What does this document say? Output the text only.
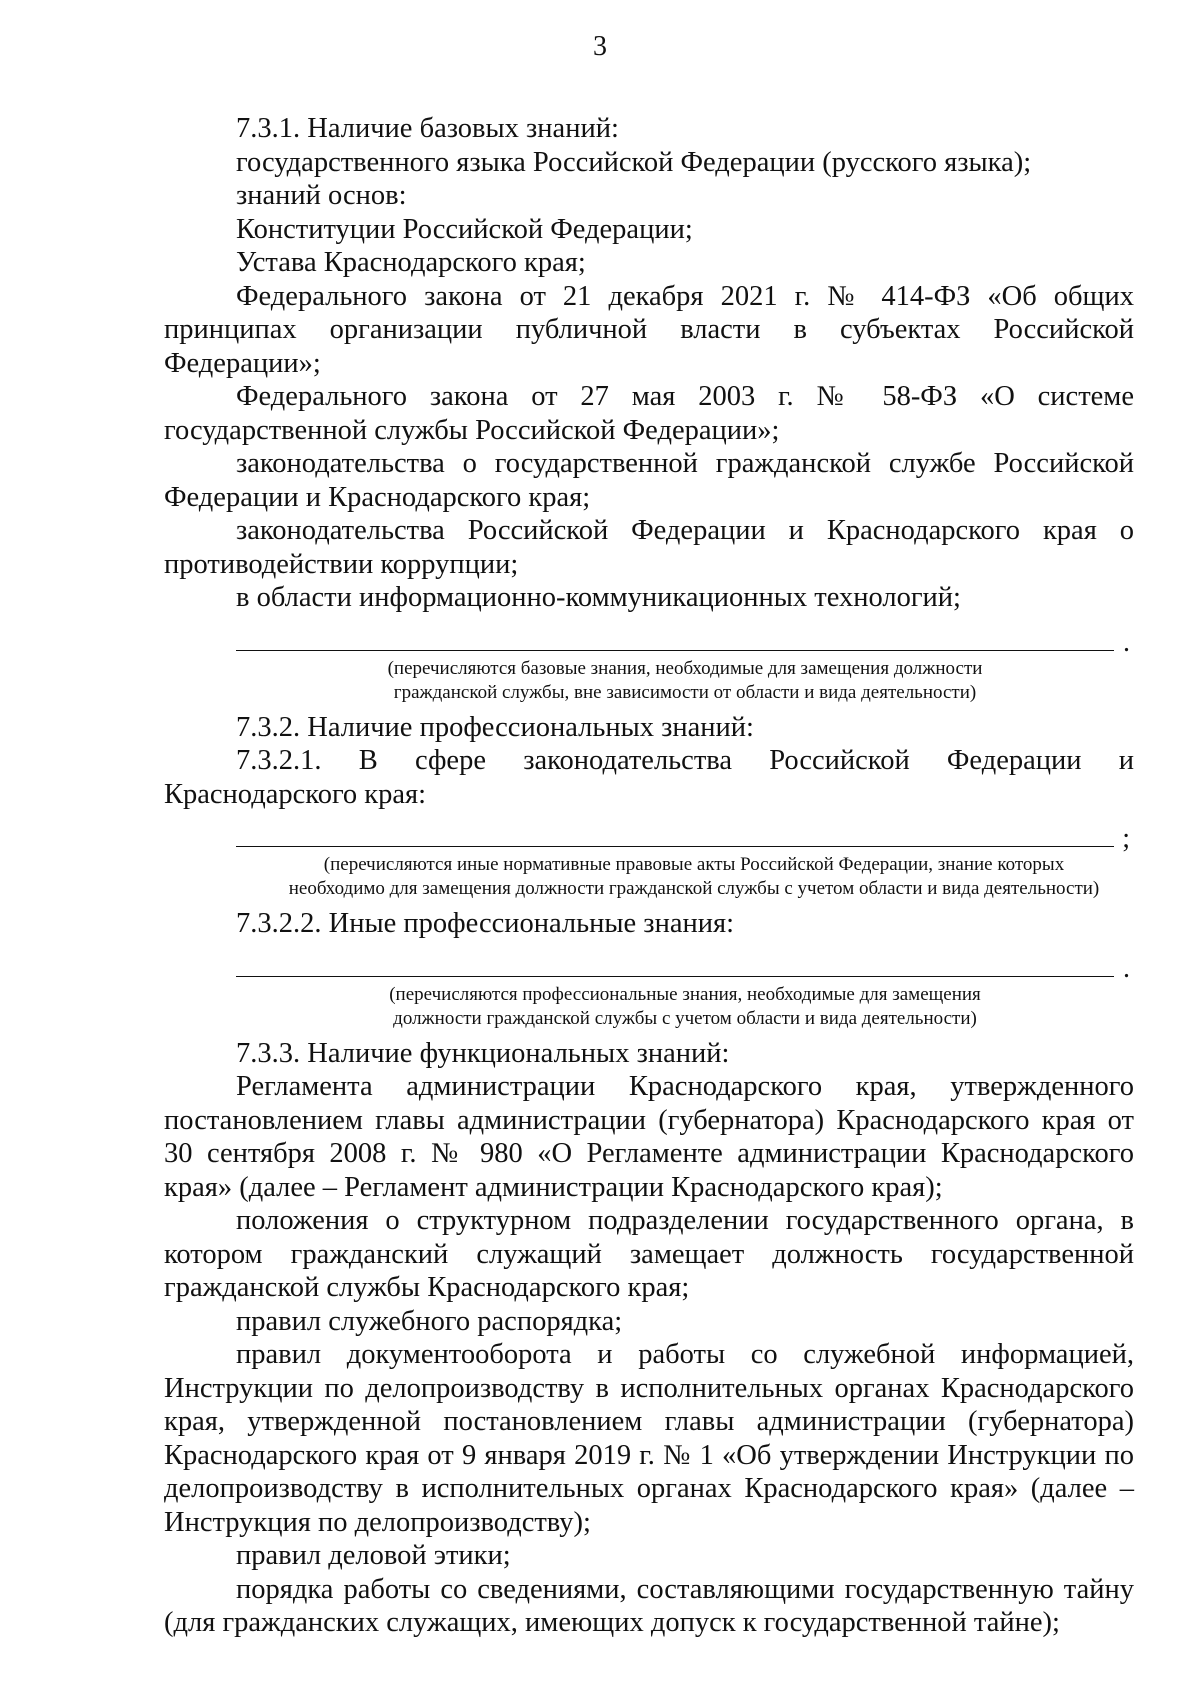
3

7.3.1. Наличие базовых знаний:

государственного языка Российской Федерации (русского языка);

знаний основ:

Конституции Российской Федерации;

Устава Краснодарского края;

Федерального закона от 21 декабря 2021 г. № 414-ФЗ «Об общих принципах организации публичной власти в субъектах Российской Федерации»;

Федерального закона от 27 мая 2003 г. № 58-ФЗ «О системе государственной службы Российской Федерации»;

законодательства о государственной гражданской службе Российской Федерации и Краснодарского края;

законодательства Российской Федерации и Краснодарского края о противодействии коррупции;

в области информационно-коммуникационных технологий;

.
(перечисляются базовые знания, необходимые для замещения должности
гражданской службы, вне зависимости от области и вида деятельности)

7.3.2. Наличие профессиональных знаний:

7.3.2.1. В сфере законодательства Российской Федерации и Краснодарского края:

;
(перечисляются иные нормативные правовые акты Российской Федерации, знание которых
необходимо для замещения должности гражданской службы с учетом области и вида деятельности)

7.3.2.2. Иные профессиональные знания:

.
(перечисляются профессиональные знания, необходимые для замещения
должности гражданской службы с учетом области и вида деятельности)

7.3.3. Наличие функциональных знаний:

Регламента администрации Краснодарского края, утвержденного постановлением главы администрации (губернатора) Краснодарского края от 30 сентября 2008 г. № 980 «О Регламенте администрации Краснодарского края» (далее – Регламент администрации Краснодарского края);

положения о структурном подразделении государственного органа, в котором гражданский служащий замещает должность государственной гражданской службы Краснодарского края;

правил служебного распорядка;

правил документооборота и работы со служебной информацией, Инструкции по делопроизводству в исполнительных органах Краснодарского края, утвержденной постановлением главы администрации (губернатора) Краснодарского края от 9 января 2019 г. № 1 «Об утверждении Инструкции по делопроизводству в исполнительных органах Краснодарского края» (далее – Инструкция по делопроизводству);

правил деловой этики;

порядка работы со сведениями, составляющими государственную тайну (для гражданских служащих, имеющих допуск к государственной тайне);
